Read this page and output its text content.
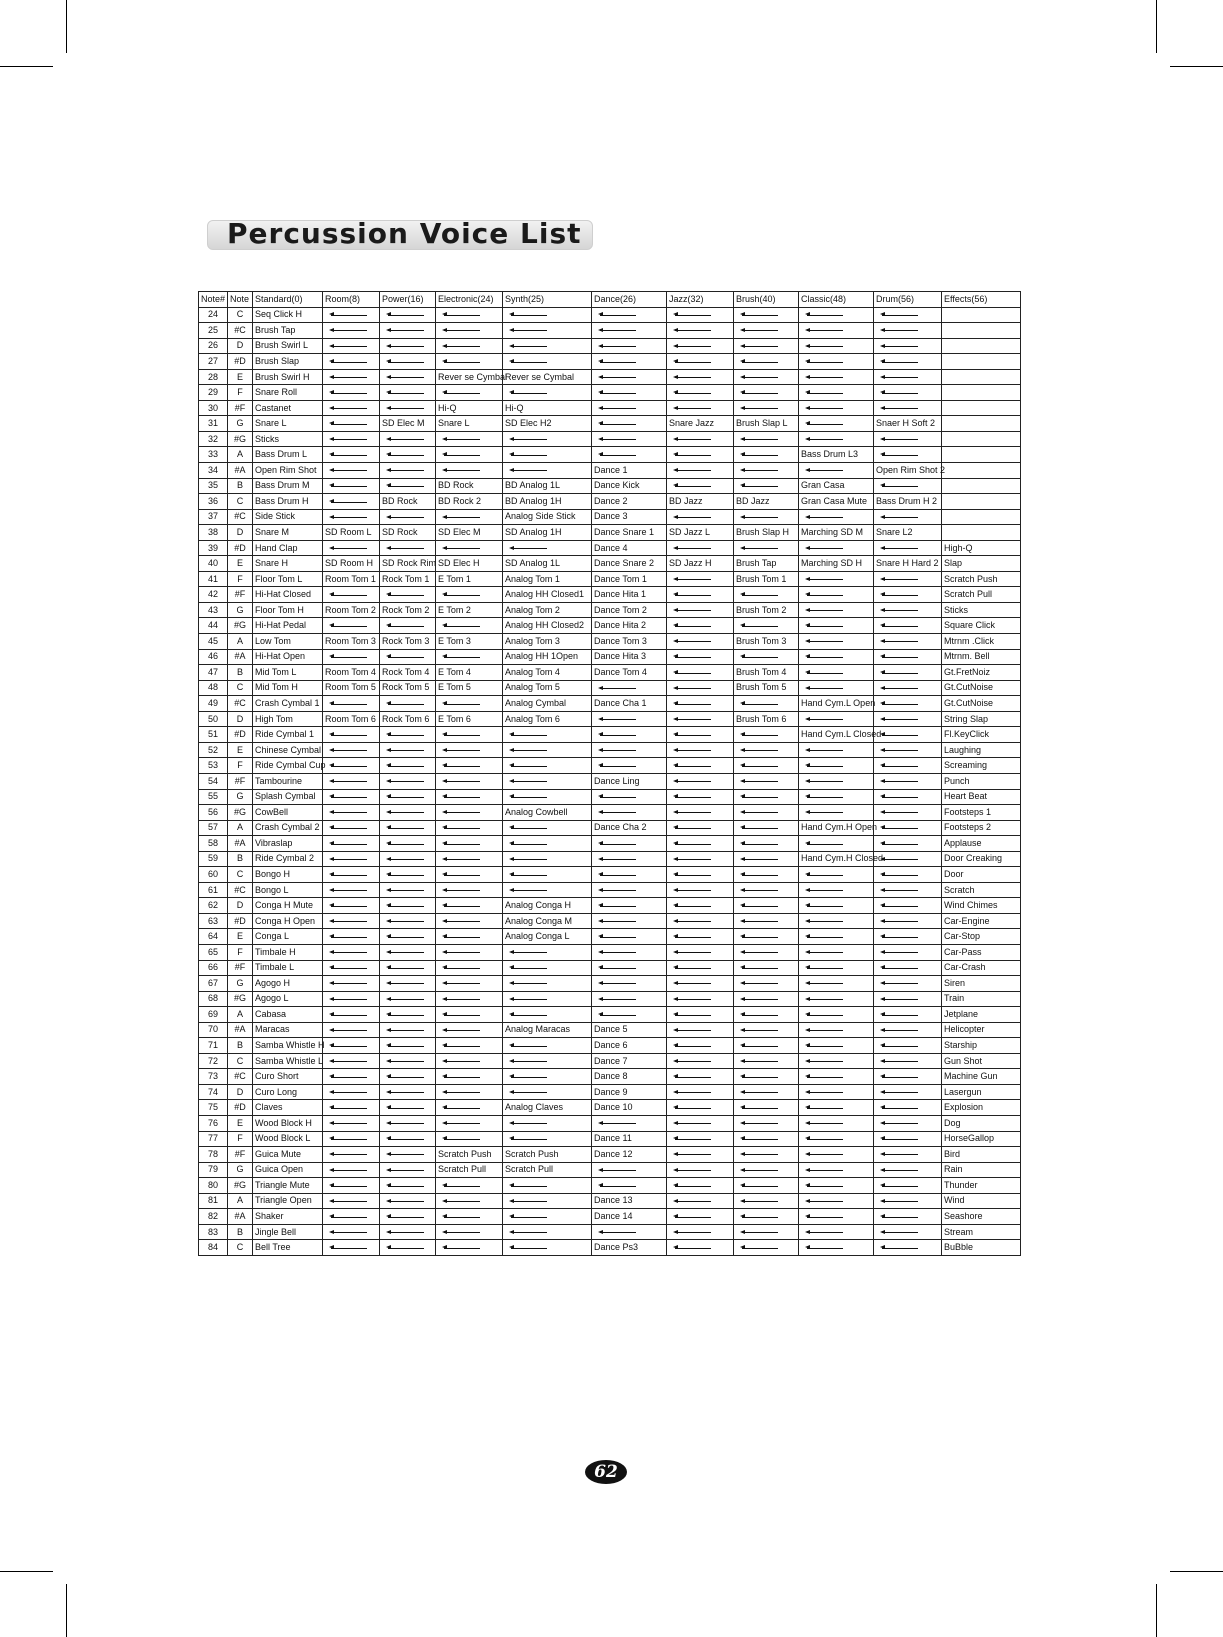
Percussion Voice List
Note#	Note	Standard(0)	Room(8)	Power(16)	Electronic(24)	Synth(25)	Dance(26)	Jazz(32)	Brush(40)	Classic(48)	Drum(56)	Effects(56)
24	C	Seq Click H										
25	#C	Brush Tap										
26	D	Brush Swirl L										
27	#D	Brush Slap										
28	E	Brush Swirl H			Rever se Cymbal	Rever se Cymbal						
29	F	Snare Roll										
30	#F	Castanet			Hi-Q	Hi-Q						
31	G	Snare L		SD Elec M	Snare L	SD Elec H2		Snare Jazz	Brush Slap L		Snaer H Soft 2	
32	#G	Sticks										
33	A	Bass Drum L								Bass Drum L3		
34	#A	Open Rim Shot					Dance 1				Open Rim Shot 2	
35	B	Bass Drum M			BD Rock	BD Analog 1L	Dance Kick			Gran Casa		
36	C	Bass Drum H		BD Rock	BD Rock 2	BD Analog 1H	Dance 2	BD Jazz	BD Jazz	Gran Casa Mute	Bass Drum H 2	
37	#C	Side Stick				Analog Side Stick	Dance 3					
38	D	Snare M	SD Room L	SD Rock	SD Elec M	SD Analog 1H	Dance Snare 1	SD Jazz L	Brush Slap H	Marching SD M	Snare L2	
39	#D	Hand Clap					Dance 4					High-Q
40	E	Snare H	SD Room H	SD Rock Rim	SD Elec H	SD Analog 1L	Dance Snare 2	SD Jazz H	Brush Tap	Marching SD H	Snare H Hard 2	Slap
41	F	Floor Tom L	Room Tom 1	Rock Tom 1	E Tom 1	Analog Tom 1	Dance Tom 1		Brush Tom 1			Scratch Push
42	#F	Hi-Hat Closed				Analog HH Closed1	Dance Hita 1					Scratch Pull
43	G	Floor Tom H	Room Tom 2	Rock Tom 2	E Tom 2	Analog Tom 2	Dance Tom 2		Brush Tom 2			Sticks
44	#G	Hi-Hat Pedal				Analog HH Closed2	Dance Hita 2					Square Click
45	A	Low Tom	Room Tom 3	Rock Tom 3	E Tom 3	Analog Tom 3	Dance Tom 3		Brush Tom 3			Mtrnm .Click
46	#A	Hi-Hat Open				Analog HH 1Open	Dance Hita 3					Mtrnm. Bell
47	B	Mid Tom L	Room Tom 4	Rock Tom 4	E Tom 4	Analog Tom 4	Dance Tom 4		Brush Tom 4			Gt.FretNoiz
48	C	Mid Tom H	Room Tom 5	Rock Tom 5	E Tom 5	Analog Tom 5			Brush Tom 5			Gt.CutNoise
49	#C	Crash Cymbal 1				Analog Cymbal	Dance Cha 1			Hand Cym.L Open		Gt.CutNoise
50	D	High Tom	Room Tom 6	Rock Tom 6	E Tom 6	Analog Tom 6			Brush Tom 6			String Slap
51	#D	Ride Cymbal 1								Hand Cym.L Closed		Fl.KeyClick
52	E	Chinese Cymbal										Laughing
53	F	Ride Cymbal Cup										Screaming
54	#F	Tambourine					Dance Ling					Punch
55	G	Splash Cymbal										Heart Beat
56	#G	CowBell				Analog Cowbell						Footsteps 1
57	A	Crash Cymbal 2					Dance Cha 2			Hand Cym.H Open		Footsteps 2
58	#A	Vibraslap										Applause
59	B	Ride Cymbal 2								Hand Cym.H Closed		Door Creaking
60	C	Bongo H										Door
61	#C	Bongo L										Scratch
62	D	Conga H Mute				Analog Conga H						Wind Chimes
63	#D	Conga H Open				Analog Conga M						Car-Engine
64	E	Conga L				Analog Conga L						Car-Stop
65	F	Timbale H										Car-Pass
66	#F	Timbale L										Car-Crash
67	G	Agogo H										Siren
68	#G	Agogo L										Train
69	A	Cabasa										Jetplane
70	#A	Maracas				Analog Maracas	Dance 5					Helicopter
71	B	Samba Whistle H					Dance 6					Starship
72	C	Samba Whistle L					Dance 7					Gun Shot
73	#C	Curo Short					Dance 8					Machine Gun
74	D	Curo Long					Dance 9					Lasergun
75	#D	Claves				Analog Claves	Dance 10					Explosion
76	E	Wood Block H										Dog
77	F	Wood Block L					Dance 11					HorseGallop
78	#F	Guica Mute			Scratch Push	Scratch Push	Dance 12					Bird
79	G	Guica Open			Scratch Pull	Scratch Pull						Rain
80	#G	Triangle Mute										Thunder
81	A	Triangle Open					Dance 13					Wind
82	#A	Shaker					Dance 14					Seashore
83	B	Jingle Bell										Stream
84	C	Bell Tree					Dance Ps3					BuBble
62
